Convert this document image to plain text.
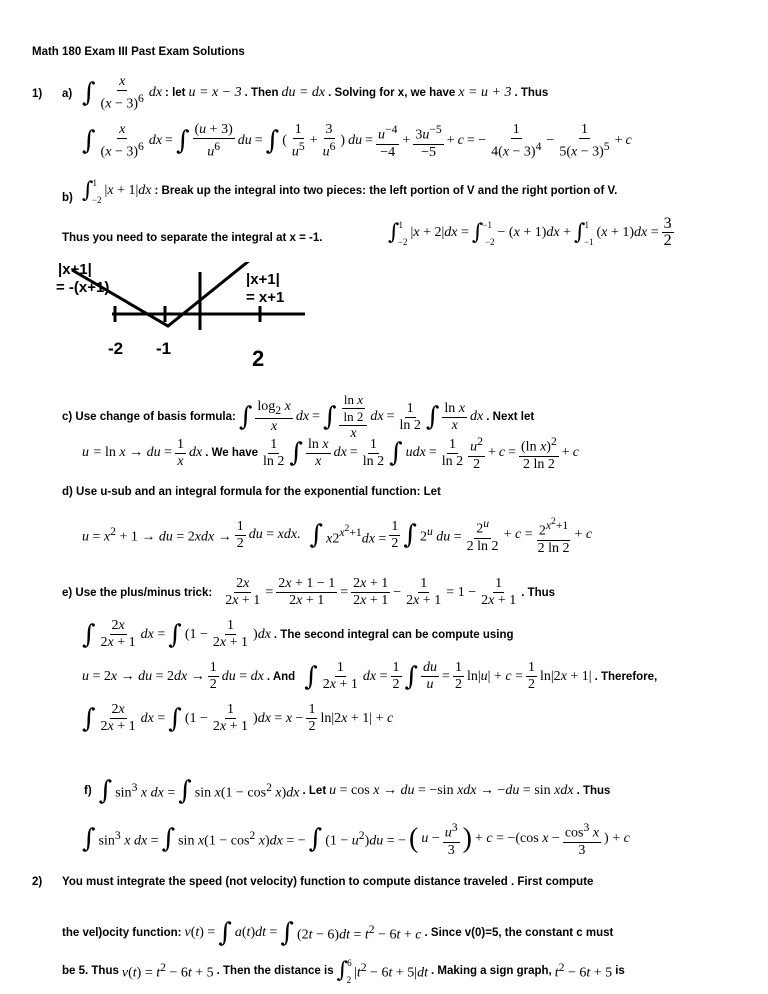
Math 180 Exam III Past Exam Solutions
1) a) ∫ $\frac{x}{(x - 3)^6}$ dx : let u = x − 3 . Then du = dx . Solving for x, we have x = u + 3 . Thus
∫ $\frac{x}{(x - 3)^6}$ dx = ∫ $\frac{(u + 3)}{u^6}$ du = ∫ ( $\frac{1}{u^5} + \frac{3}{u^6}$ ) du = $\frac{u^{-4}}{-4} + \frac{3u^{-5}}{-5} + c$ = − $\frac{1}{4(x - 3)^4} - \frac{1}{5(x - 3)^5} + c$
b) ∫ 1
−2
|x + 1|dx : Break up the integral into two pieces: the left portion of V and the right portion of V.
Thus you need to separate the integral at x = -1.	∫ 1
−2
|x + 2|dx = ∫ −1
−2
− (x + 1)dx + ∫ 1
−1
$(x + 1)dx = \frac{3}{2}$
|x+1|
= -(x+1)	|x+1|
= x+1
-2 -1	2
c) Use change of basis formula: ∫ $\frac{\log_2 x}{x}$ dx = ∫ $\frac{\frac{\text{ln x}}{\ln 2}}{x}$ dx = $\frac{1}{\ln 2}$ ∫ $\frac{\text{ln x}}{x}$ dx . Next let
u = ln x → du = $\frac{1}{x}$ dx . We have $\frac{1}{\ln 2}$ ∫ $\frac{\text{ln x}}{x}$ dx = $\frac{1}{\ln 2}$ ∫ udx = $\frac{1}{\ln 2} \frac{u^2}{2} + c = \frac{(\ln x)^2}{2 \ln 2} + c$
d) Use u-sub and an integral formula for the exponential function: Let
$u = x^2 + 1$ → du = $2xdx \to \frac{1}{2}$ du = xdx. ∫ $x2^{x^2+1}dx = \frac{1}{2}$ ∫ 2$^u$ du = $\frac{2^u}{2 \ln 2} + c = \frac{2^{x^2+1}}{2 \ln 2} + c$
e) Use the plus/minus trick: $\frac{2x}{2x + 1} = \frac{2x + 1 - 1}{2x + 1} = \frac{2x + 1}{2x + 1} - \frac{1}{2x + 1} = 1 - \frac{1}{2x + 1}$ . Thus
∫ $\frac{2x}{2x + 1}$ dx = ∫ $(1 - \frac{1}{2x + 1} )dx$ . The second integral can be compute using
u = 2x → du = $2dx \to \frac{1}{2}$ du = dx . And ∫ $\frac{1}{2x + 1}$ dx = $\frac{1}{2}$ ∫ $\frac{du}{u} = \frac{1}{2} \ln|u| + c = \frac{1}{2} \ln|2x + 1|$ . Therefore,
∫ $\frac{2x}{2x + 1}$ dx = ∫ $(1 - \frac{1}{2x + 1} )dx = x - \frac{1}{2} \ln|2x + 1| + c$
f) ∫ $\sin^3 x$ dx = ∫ $\sin x(1 - \cos^2 x)dx$ . Let u = cos x → du = −sin xdx → −du = sin xdx . Thus
∫ $\sin^3 x$ dx = ∫ $\sin x(1 - \cos^2 x)dx$ = − ∫ $(1 - u^2)du$ = − ( $u - \frac{u^3}{3}$ ) + c = −(cos $x - \frac{\cos^3 x}{3}$ ) + c
2) You must integrate the speed (not velocity) function to compute distance traveled . First compute
the vel)ocity function: v(t) = ∫ a(t)dt = ∫ $(2t - 6)dt = t^2 - 6t + c$ . Since v(0)=5, the constant c must
be 5. Thus $v(t) = t^2 - 6t + 5$ . Then the distance is ∫ 6
2 $|t^2 - 6t + 5|dt$ . Making a sign graph, $t^2 - 6t + 5$ is
